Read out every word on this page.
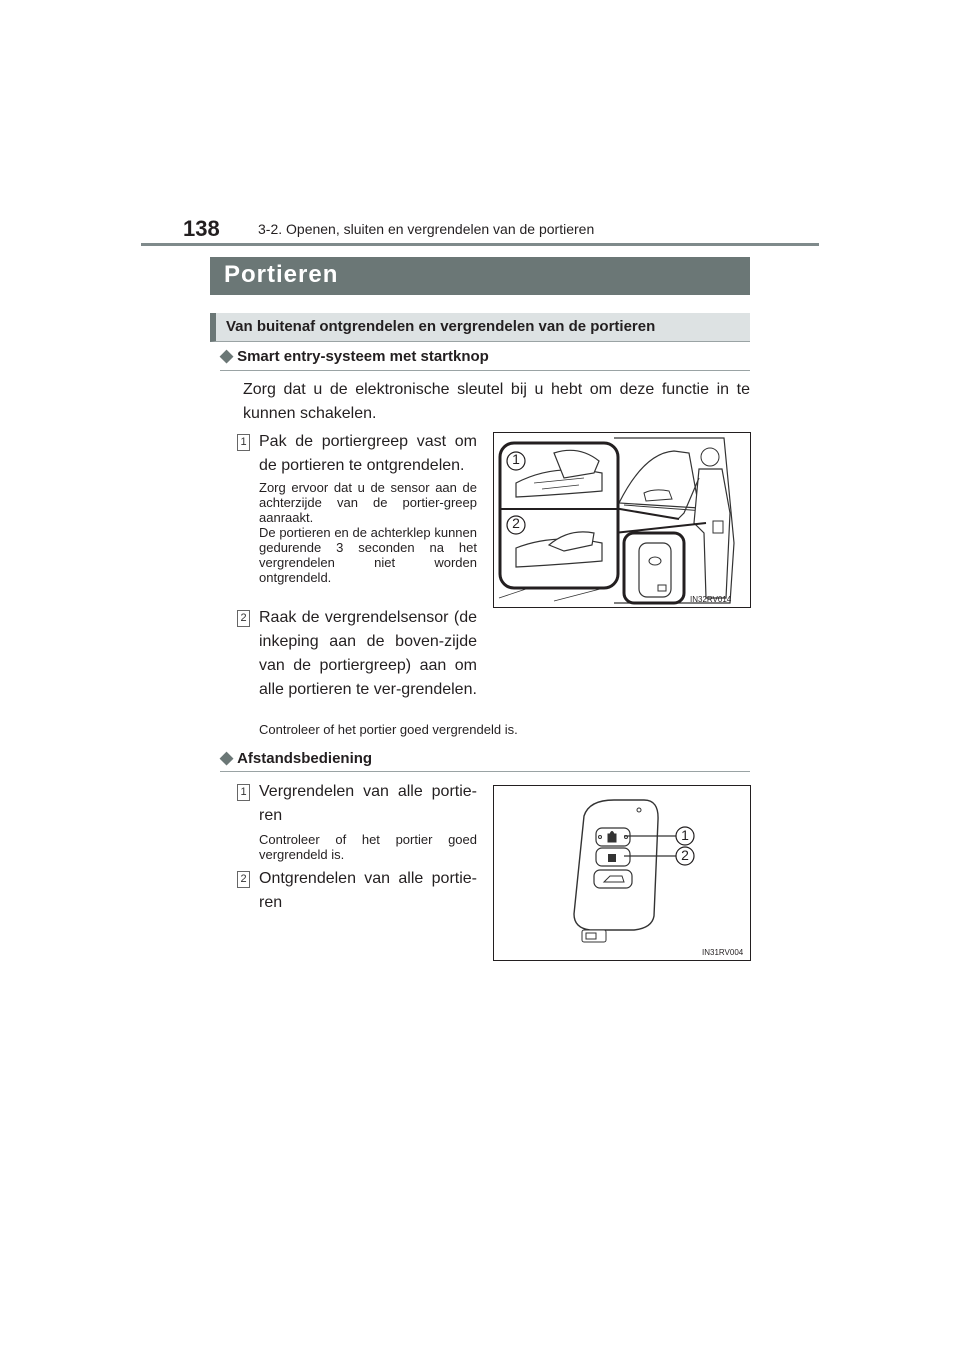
138	3-2. Openen, sluiten en vergrendelen van de portieren
Portieren
Van buitenaf ontgrendelen en vergrendelen van de portieren
◆ Smart entry-systeem met startknop
Zorg dat u de elektronische sleutel bij u hebt om deze functie in te kunnen schakelen.
1 Pak de portiergreep vast om de portieren te ontgrendelen.
Zorg ervoor dat u de sensor aan de achterzijde van de portier-greep aanraakt.
De portieren en de achterklep kunnen gedurende 3 seconden na het vergrendelen niet worden ontgrendeld.
2 Raak de vergrendelsensor (de inkeping aan de boven-zijde van de portiergreep) aan om alle portieren te ver-grendelen.
Controleer of het portier goed vergrendeld is.
1
2
IN32RV014
◆ Afstandsbediening
1 Vergrendelen van alle portie-ren
Controleer of het portier goed vergrendeld is.
2 Ontgrendelen van alle portie-ren
1
2
IN31RV004
